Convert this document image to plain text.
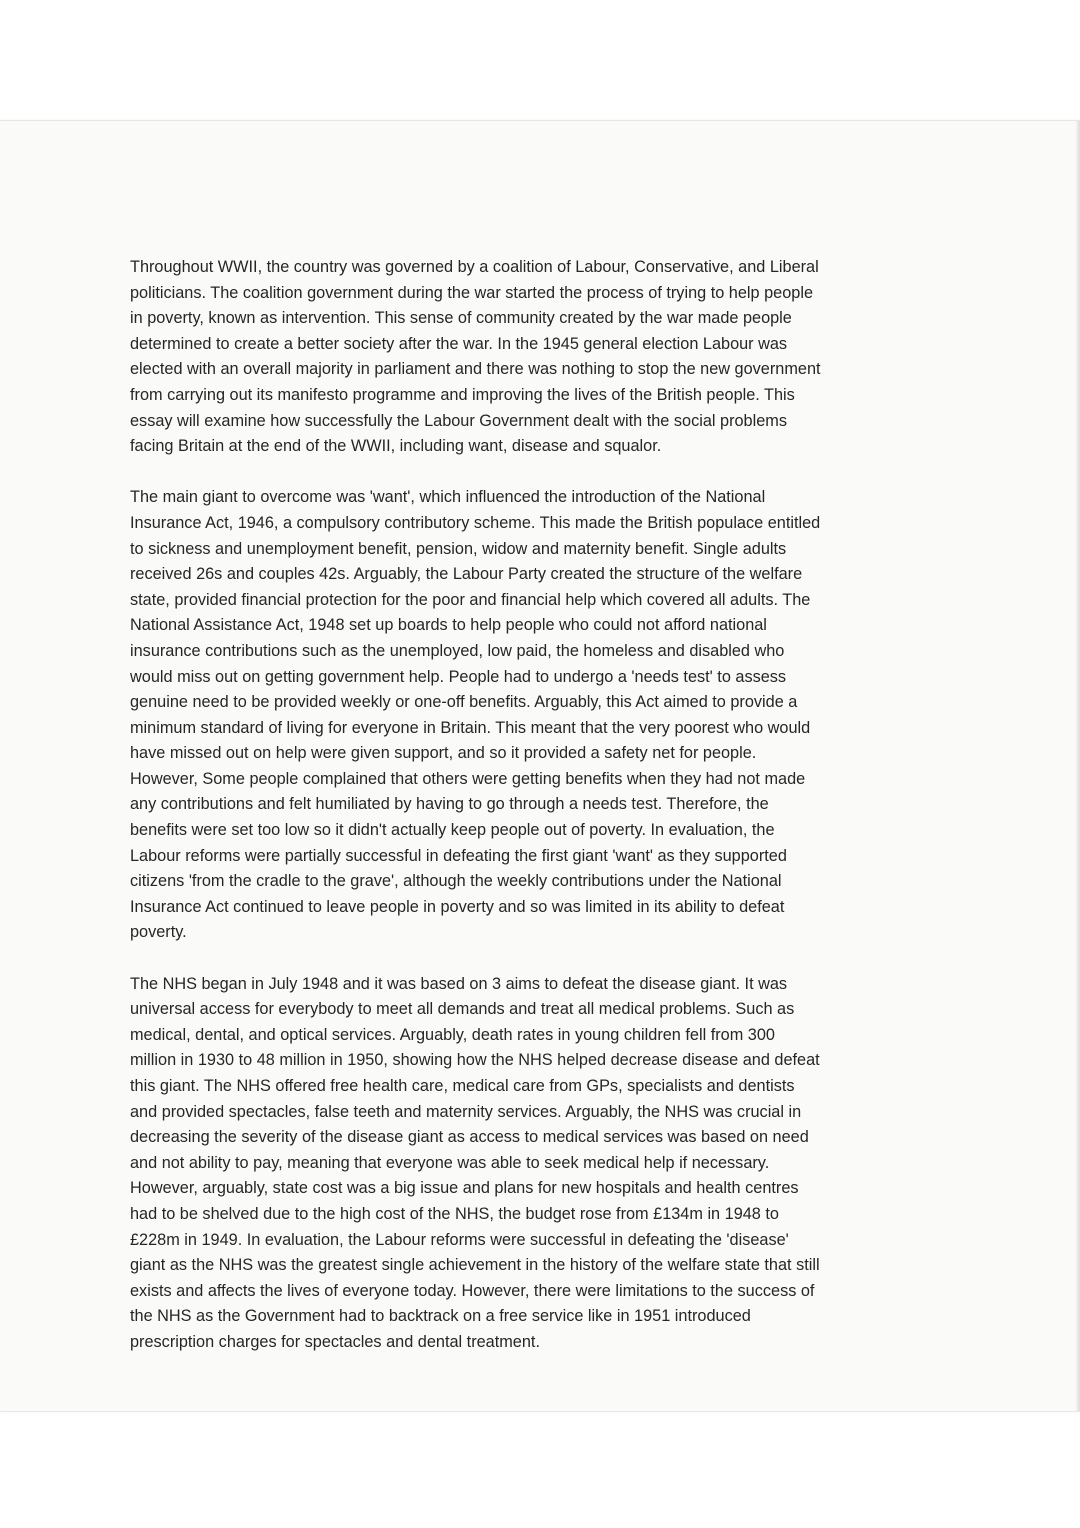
Throughout WWII, the country was governed by a coalition of Labour, Conservative, and Liberal
politicians. The coalition government during the war started the process of trying to help people
in poverty, known as intervention. This sense of community created by the war made people
determined to create a better society after the war. In the 1945 general election Labour was
elected with an overall majority in parliament and there was nothing to stop the new government
from carrying out its manifesto programme and improving the lives of the British people. This
essay will examine how successfully the Labour Government dealt with the social problems
facing Britain at the end of the WWII, including want, disease and squalor.

The main giant to overcome was 'want', which influenced the introduction of the National
Insurance Act, 1946, a compulsory contributory scheme. This made the British populace entitled
to sickness and unemployment benefit, pension, widow and maternity benefit. Single adults
received 26s and couples 42s. Arguably, the Labour Party created the structure of the welfare
state, provided financial protection for the poor and financial help which covered all adults. The
National Assistance Act, 1948 set up boards to help people who could not afford national
insurance contributions such as the unemployed, low paid, the homeless and disabled who
would miss out on getting government help. People had to undergo a 'needs test' to assess
genuine need to be provided weekly or one-off benefits. Arguably, this Act aimed to provide a
minimum standard of living for everyone in Britain. This meant that the very poorest who would
have missed out on help were given support, and so it provided a safety net for people.
However, Some people complained that others were getting benefits when they had not made
any contributions and felt humiliated by having to go through a needs test. Therefore, the
benefits were set too low so it didn't actually keep people out of poverty. In evaluation, the
Labour reforms were partially successful in defeating the first giant 'want' as they supported
citizens 'from the cradle to the grave', although the weekly contributions under the National
Insurance Act continued to leave people in poverty and so was limited in its ability to defeat
poverty.

The NHS began in July 1948 and it was based on 3 aims to defeat the disease giant. It was
universal access for everybody to meet all demands and treat all medical problems. Such as
medical, dental, and optical services. Arguably, death rates in young children fell from 300
million in 1930 to 48 million in 1950, showing how the NHS helped decrease disease and defeat
this giant. The NHS offered free health care, medical care from GPs, specialists and dentists
and provided spectacles, false teeth and maternity services. Arguably, the NHS was crucial in
decreasing the severity of the disease giant as access to medical services was based on need
and not ability to pay, meaning that everyone was able to seek medical help if necessary.
However, arguably, state cost was a big issue and plans for new hospitals and health centres
had to be shelved due to the high cost of the NHS, the budget rose from £134m in 1948 to
£228m in 1949. In evaluation, the Labour reforms were successful in defeating the 'disease'
giant as the NHS was the greatest single achievement in the history of the welfare state that still
exists and affects the lives of everyone today. However, there were limitations to the success of
the NHS as the Government had to backtrack on a free service like in 1951 introduced
prescription charges for spectacles and dental treatment.
